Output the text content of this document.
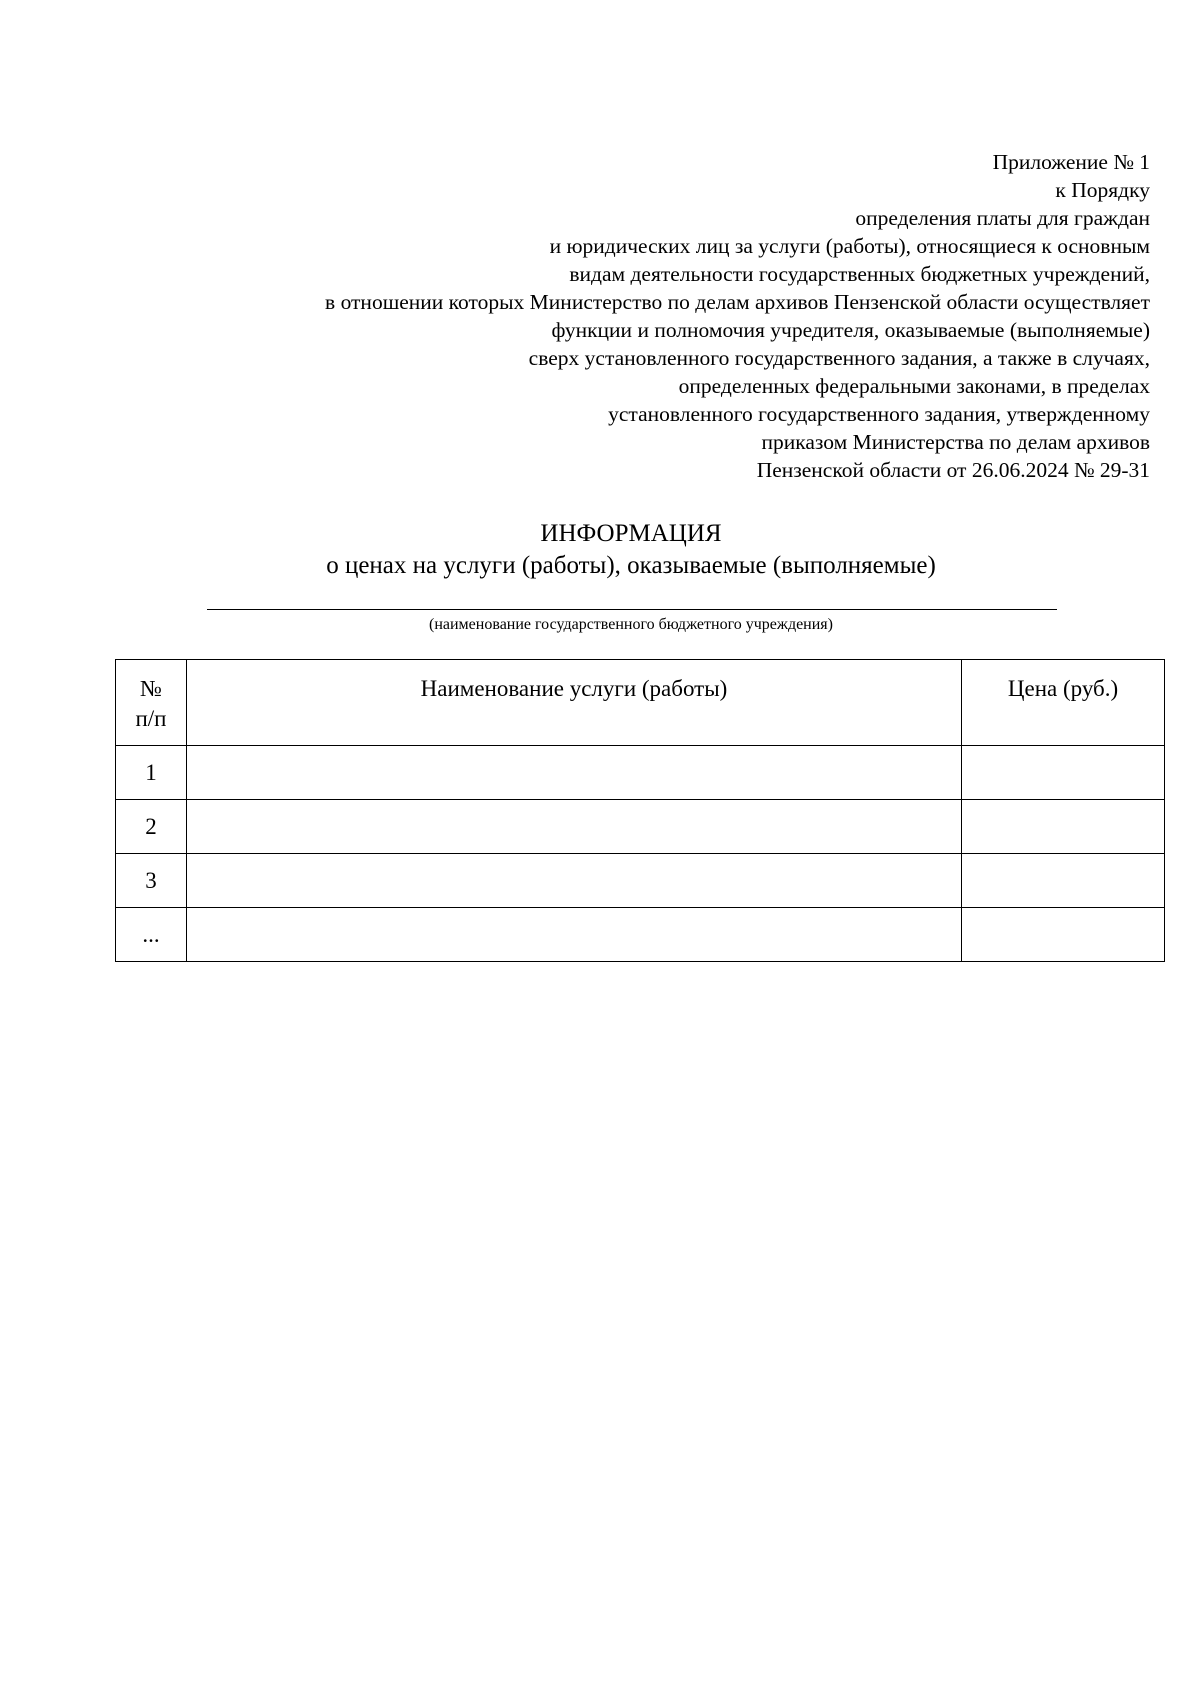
Приложение № 1
к Порядку
определения платы для граждан
и юридических лиц за услуги (работы), относящиеся к основным
видам деятельности государственных бюджетных учреждений,
в отношении которых Министерство по делам архивов Пензенской области осуществляет
функции и полномочия учредителя, оказываемые (выполняемые)
сверх установленного государственного задания, а также в случаях,
определенных федеральными законами, в пределах
установленного государственного задания, утвержденному
приказом Министерства по делам архивов
Пензенской области от 26.06.2024 № 29-31
ИНФОРМАЦИЯ
о ценах на услуги (работы), оказываемые (выполняемые)
(наименование государственного бюджетного учреждения)
№
п/п	Наименование услуги (работы)	Цена (руб.)
1		
2		
3		
...		
